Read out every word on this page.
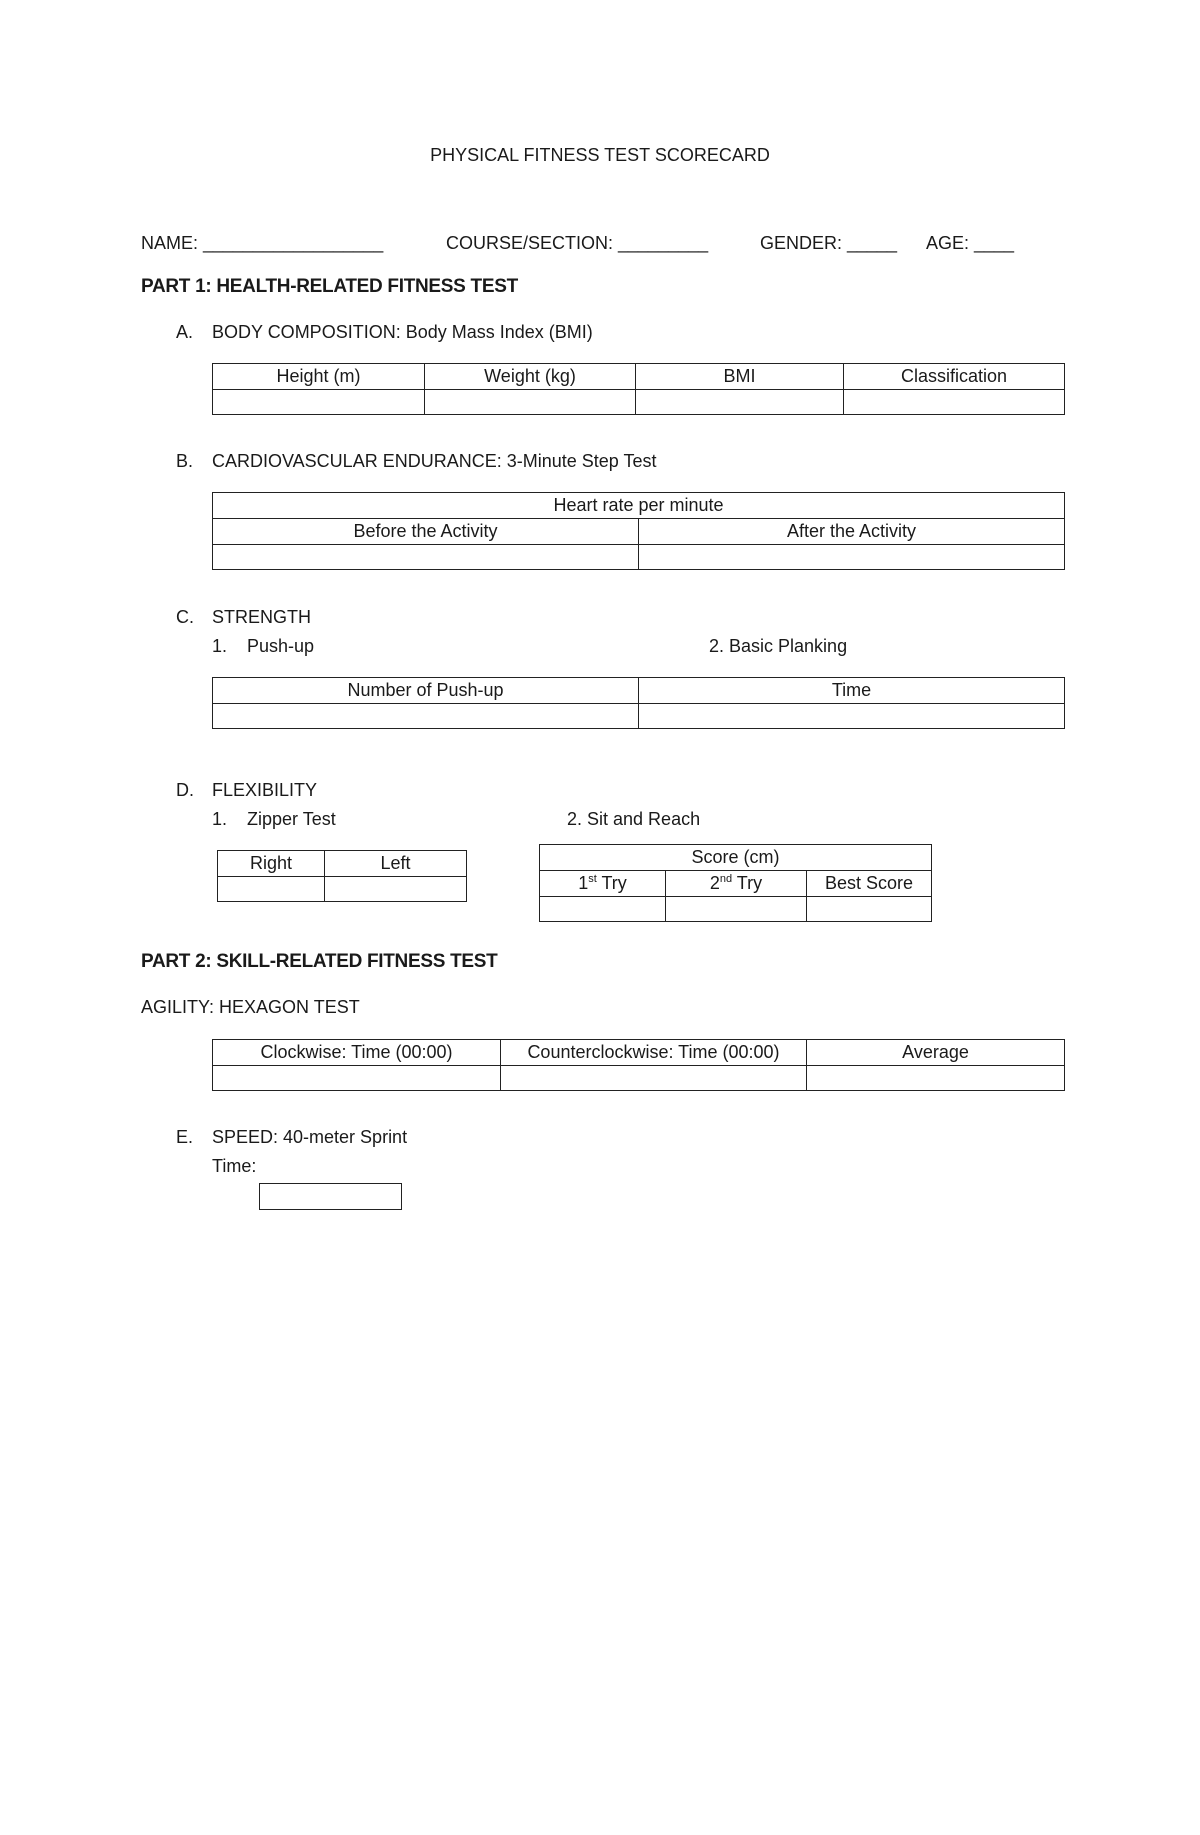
PHYSICAL FITNESS TEST SCORECARD
NAME: __________________	COURSE/SECTION: _________	GENDER: _____ AGE: ____
PART 1: HEALTH-RELATED FITNESS TEST
A. BODY COMPOSITION: Body Mass Index (BMI)
Height (m)	Weight (kg)	BMI	Classification

B. CARDIOVASCULAR ENDURANCE: 3-Minute Step Test
Heart rate per minute	
Before the Activity	After the Activity

C. STRENGTH
1. Push-up	2. Basic Planking
Number of Push-up	Time

D. FLEXIBILITY
1. Zipper Test	2. Sit and Reach
Right	Left
		Score (cm)		
1st Try	2nd Try	Best Score

PART 2: SKILL-RELATED FITNESS TEST
AGILITY: HEXAGON TEST
Clockwise: Time (00:00)	Counterclockwise: Time (00:00)	Average

E. SPEED: 40-meter Sprint
Time:
